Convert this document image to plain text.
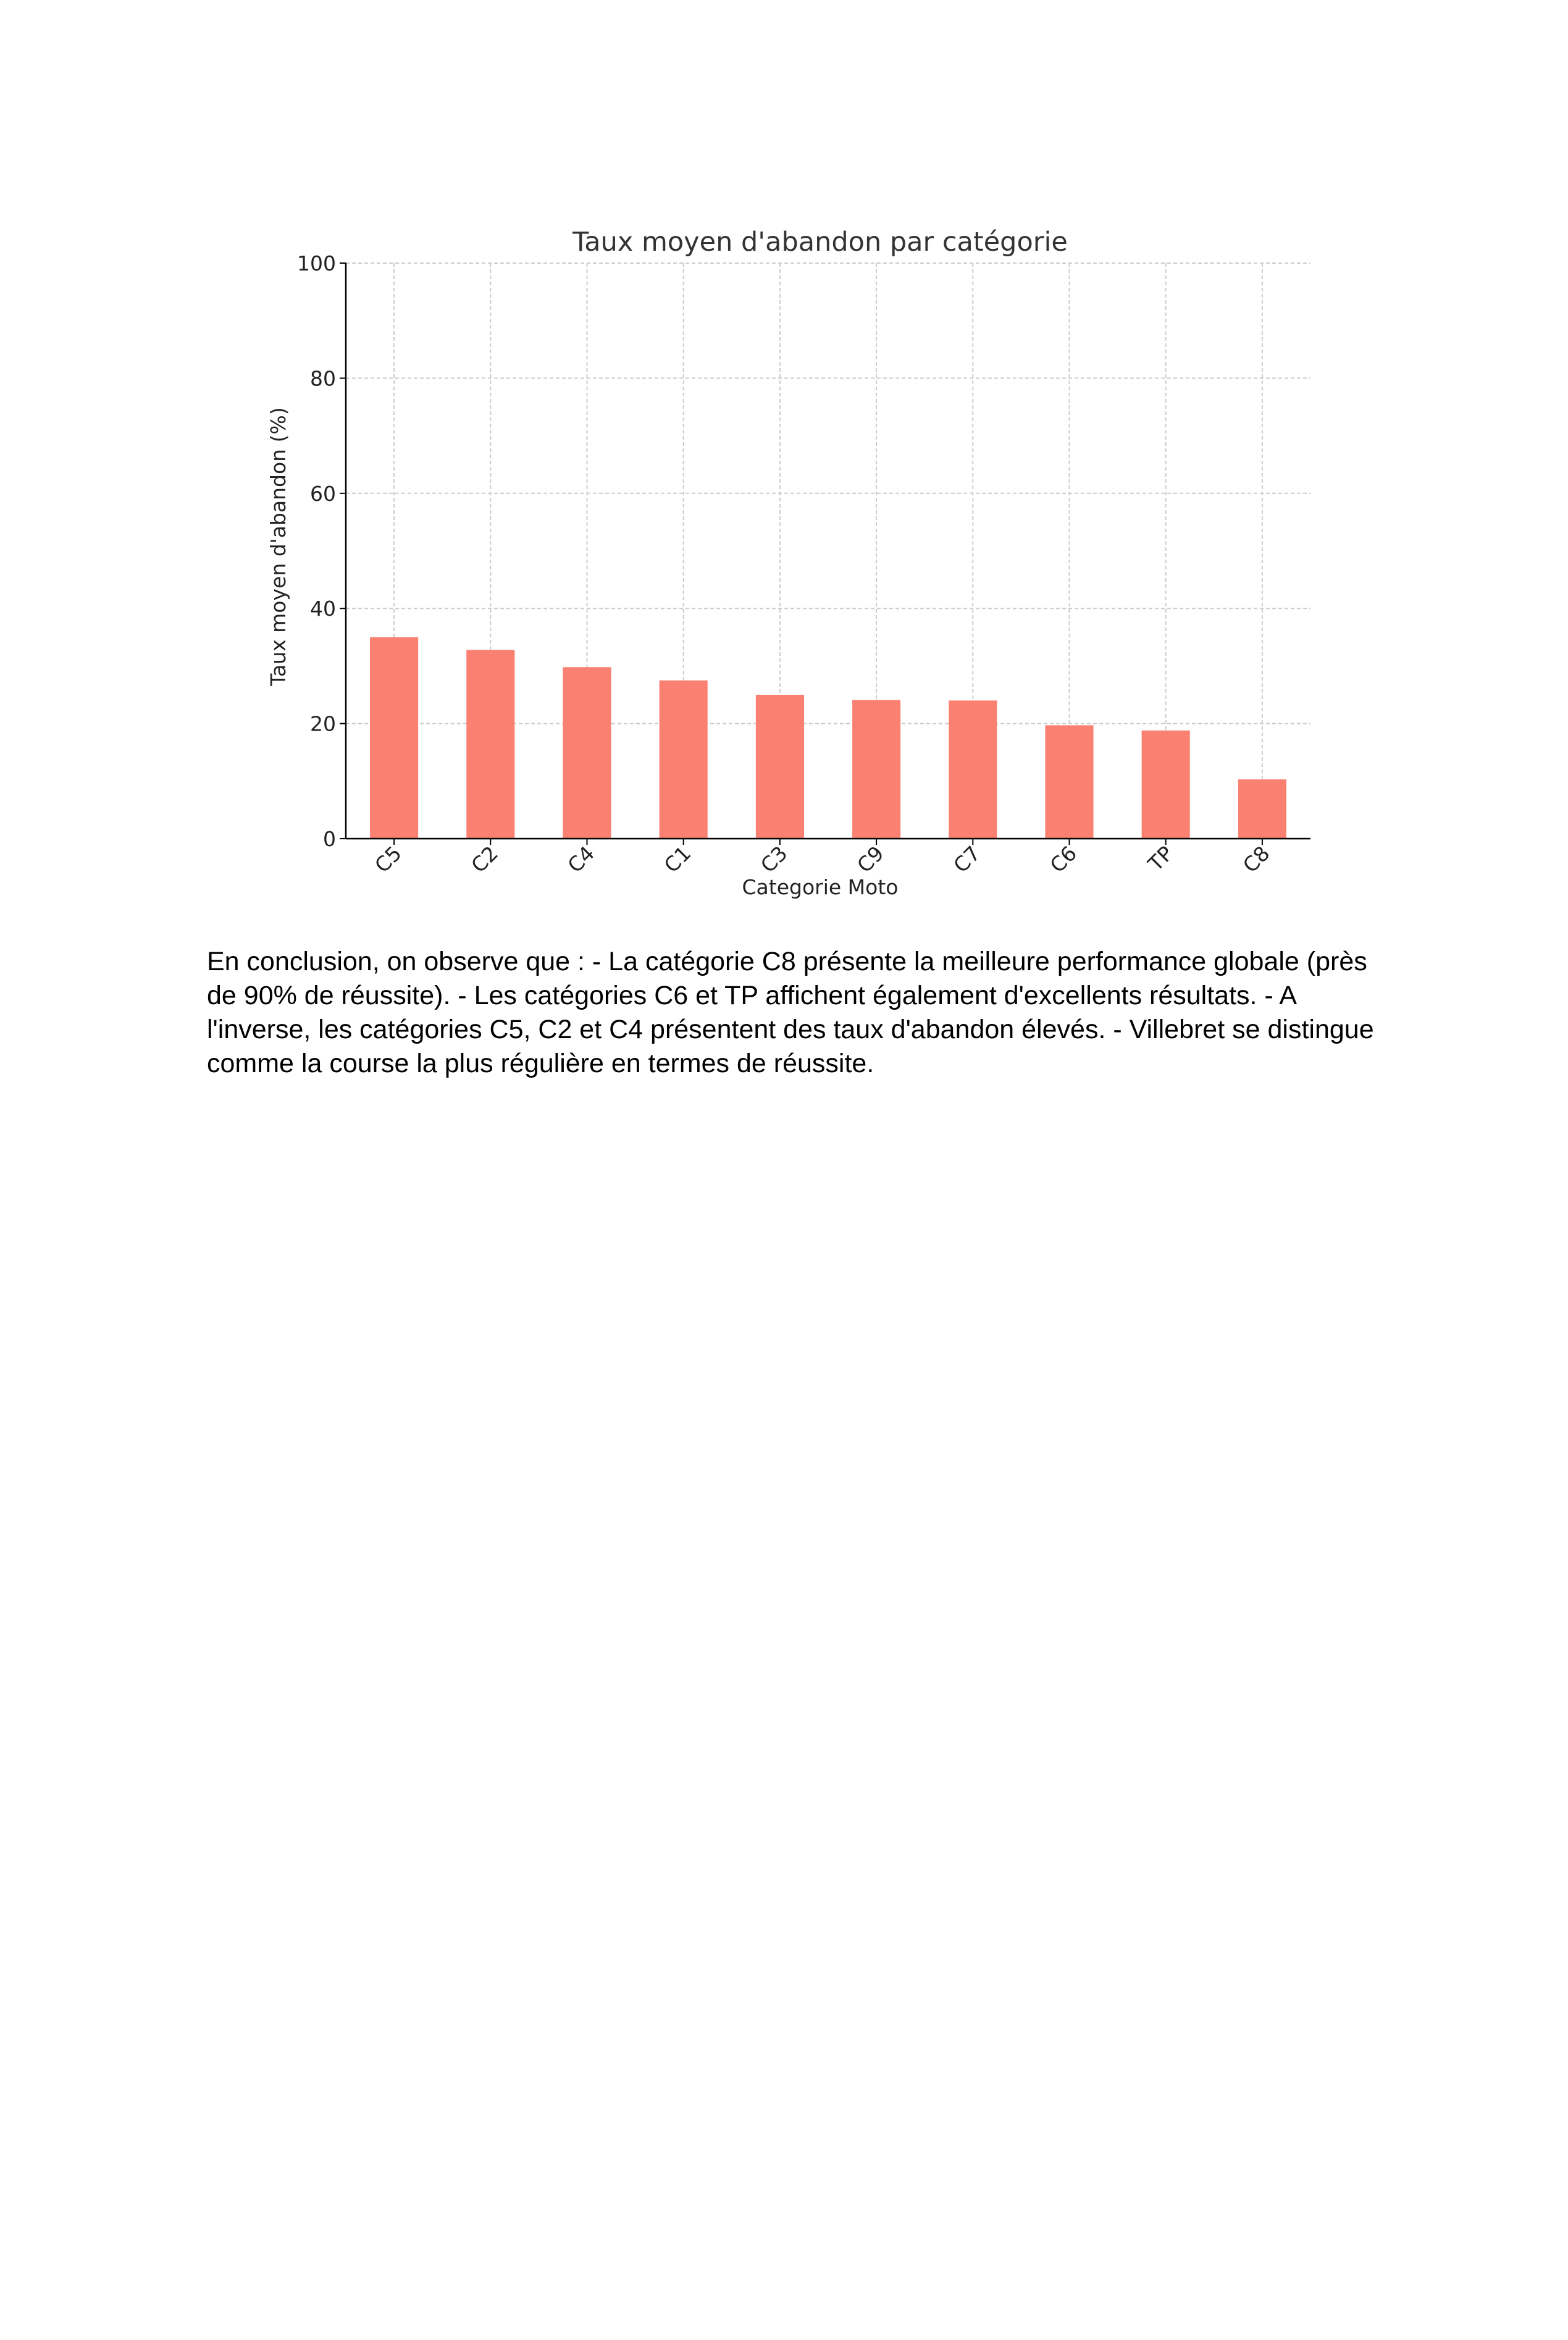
Taux moyen d'abandon par catégorie
0
20
40
60
80
100
C5	C2	C4	C1	C3	C9	C7	C6	TP	C8
Categorie Moto
Taux moyen d'abandon (%)
En conclusion, on observe que : - La catégorie C8 présente la meilleure performance globale (près de 90% de réussite). - Les catégories C6 et TP affichent également d'excellents résultats. - A l'inverse, les catégories C5, C2 et C4 présentent des taux d'abandon élevés. - Villebret se distingue comme la course la plus régulière en termes de réussite.
